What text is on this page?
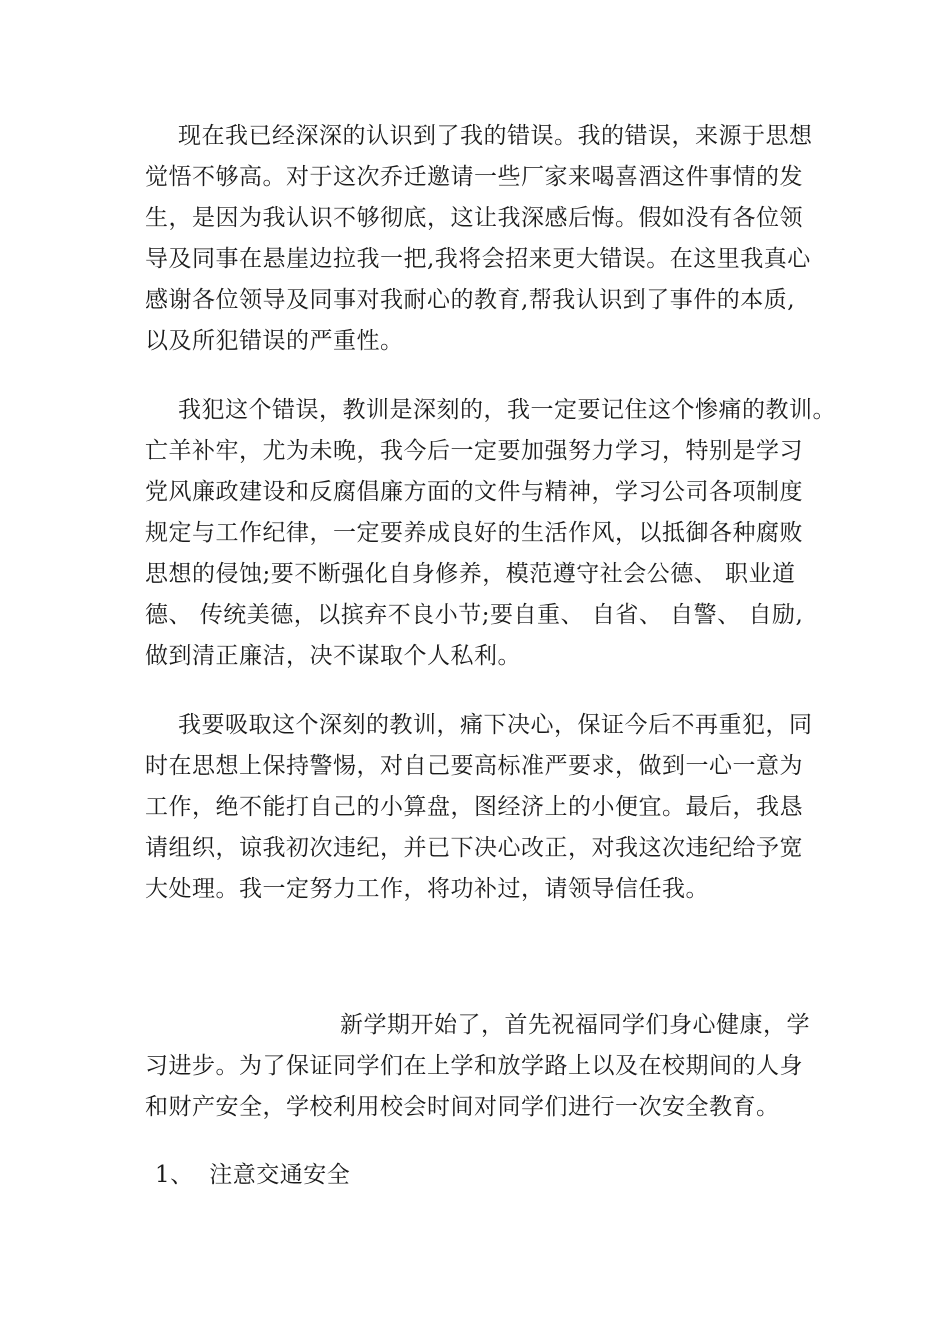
现在我已经深深的认识到了我的错误。我的错误，来源于思想
觉悟不够高。对于这次乔迁邀请一些厂家来喝喜酒这件事情的发
生，是因为我认识不够彻底，这让我深感后悔。假如没有各位领
导及同事在悬崖边拉我一把,我将会招来更大错误。在这里我真心
感谢各位领导及同事对我耐心的教育,帮我认识到了事件的本质,
以及所犯错误的严重性。
我犯这个错误，教训是深刻的，我一定要记住这个惨痛的教训。
亡羊补牢，尤为未晚，我今后一定要加强努力学习，特别是学习
党风廉政建设和反腐倡廉方面的文件与精神，学习公司各项制度
规定与工作纪律，一定要养成良好的生活作风，以抵御各种腐败
思想的侵蚀;要不断强化自身修养，模范遵守社会公德、 职业道
德、 传统美德，以摈弃不良小节;要自重、 自省、 自警、 自励,
做到清正廉洁，决不谋取个人私利。
我要吸取这个深刻的教训，痛下决心，保证今后不再重犯，同
时在思想上保持警惕，对自己要高标准严要求，做到一心一意为
工作，绝不能打自己的小算盘，图经济上的小便宜。最后，我恳
请组织，谅我初次违纪，并已下决心改正，对我这次违纪给予宽
大处理。我一定努力工作，将功补过，请领导信任我。
新学期开始了，首先祝福同学们身心健康，学
习进步。为了保证同学们在上学和放学路上以及在校期间的人身
和财产安全，学校利用校会时间对同学们进行一次安全教育。
1、  注意交通安全
